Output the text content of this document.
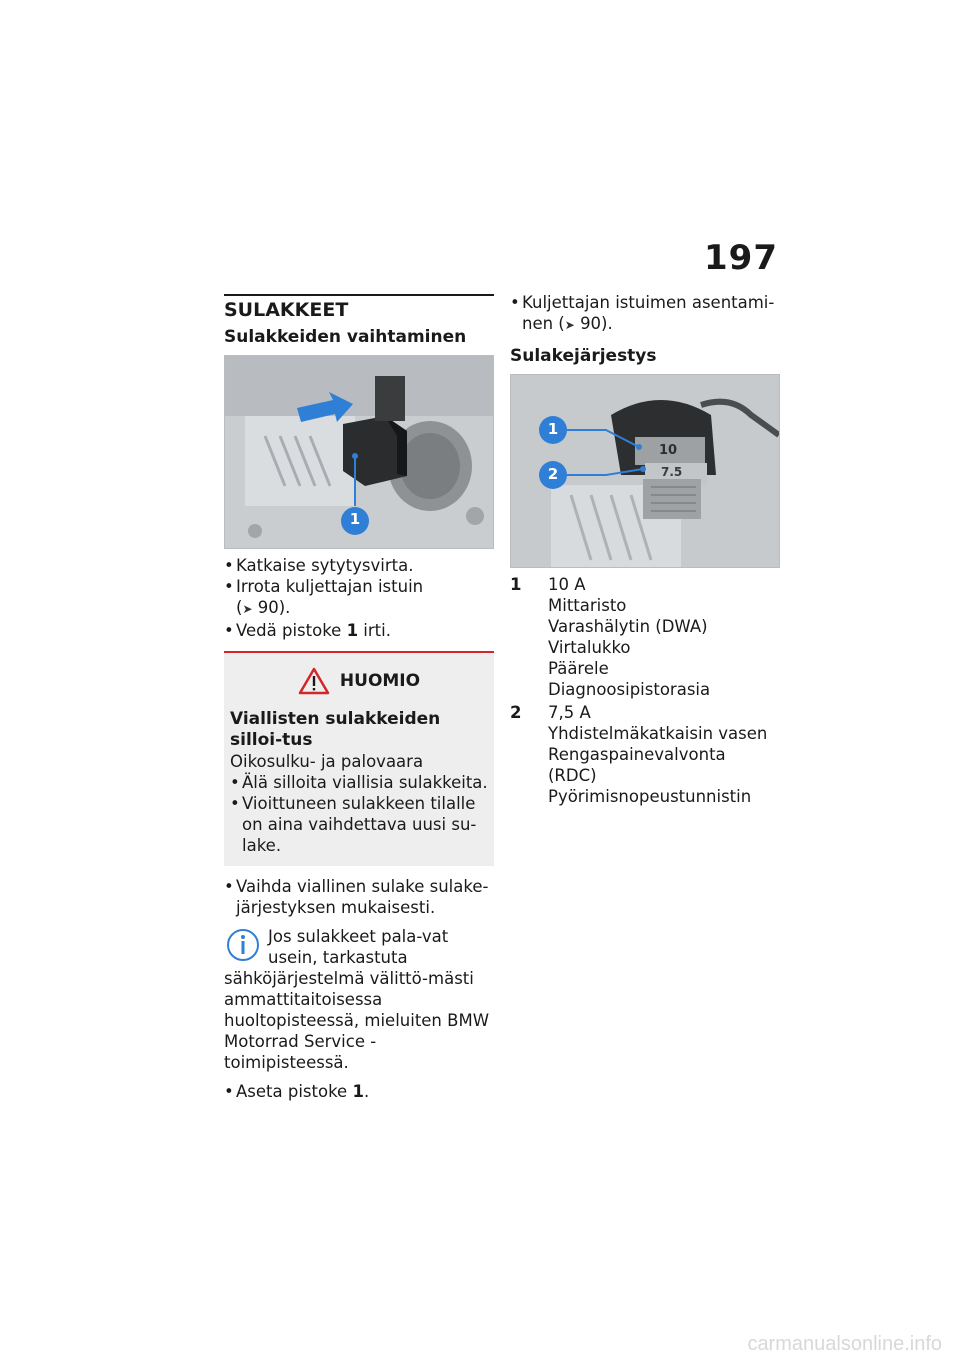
197
SULAKKEET
Sulakkeiden vaihtaminen
1
• Katkaise sytytysvirta.
• Irrota kuljettajan istuin
(➤ 90).
• Vedä pistoke 1 irti.
HUOMIO
Viallisten sulakkeiden silloi-tus
Oikosulku- ja palovaara
• Älä silloita viallisia sulakkeita.
• Vioittuneen sulakkeen tilalle on aina vaihdettava uusi su-lake.
• Vaihda viallinen sulake sulake-järjestyksen mukaisesti.
Jos sulakkeet pala-vat usein, tarkastuta sähköjärjestelmä välittö-mästi ammattitaitoisessa huoltopisteessä, mieluiten BMW Motorrad Service -toimipisteessä.
• Aseta pistoke 1.
• Kuljettajan istuimen asentami-nen (➤ 90).
Sulakejärjestys
10
7.5
1
2
1	10 A
Mittaristo
Varashälytin (DWA)
Virtalukko
Päärele
Diagnoosipistorasia
2	7,5 A
Yhdistelmäkatkaisin vasen
Rengaspainevalvonta
(RDC)
Pyörimisnopeustunnistin
carmanualsonline.info
